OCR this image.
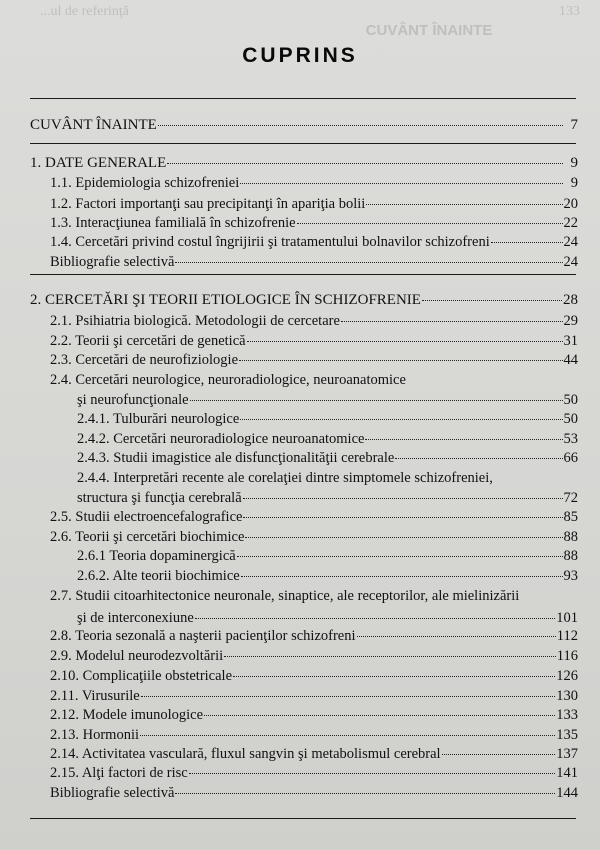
...ul de referinţă
CUVÂNT ÎNAINTE
133
CUPRINS
CUVÂNT ÎNAINTE	7
1. DATE GENERALE	9
1.1. Epidemiologia schizofreniei	9
1.2. Factori importanţi sau precipitanţi în apariţia bolii	20
1.3. Interacţiunea familială în schizofrenie	22
1.4. Cercetări privind costul îngrijirii şi tratamentului bolnavilor schizofreni	24
Bibliografie selectivă	24
2. CERCETĂRI ŞI TEORII ETIOLOGICE ÎN SCHIZOFRENIE	28
2.1. Psihiatria biologică. Metodologii de cercetare	29
2.2. Teorii şi cercetări de genetică	31
2.3. Cercetări de neurofiziologie	44
2.4. Cercetări neurologice, neuroradiologice, neuroanatomice
şi neurofuncţionale	50
2.4.1. Tulburări neurologice	50
2.4.2. Cercetări neuroradiologice neuroanatomice	53
2.4.3. Studii imagistice ale disfuncţionalităţii cerebrale	66
2.4.4. Interpretări recente ale corelaţiei dintre simptomele schizofreniei,
structura şi funcţia cerebrală	72
2.5. Studii electroencefalografice	85
2.6. Teorii şi cercetări biochimice	88
2.6.1 Teoria dopaminergică	88
2.6.2. Alte teorii biochimice	93
2.7. Studii citoarhitectonice neuronale, sinaptice, ale receptorilor, ale mielinizării
şi de interconexiune	101
2.8. Teoria sezonală a naşterii pacienţilor schizofreni	112
2.9. Modelul neurodezvoltării	116
2.10. Complicaţiile obstetricale	126
2.11. Virusurile	130
2.12. Modele imunologice	133
2.13. Hormonii	135
2.14. Activitatea vasculară, fluxul sangvin şi metabolismul cerebral	137
2.15. Alţi factori de risc	141
Bibliografie selectivă	144
